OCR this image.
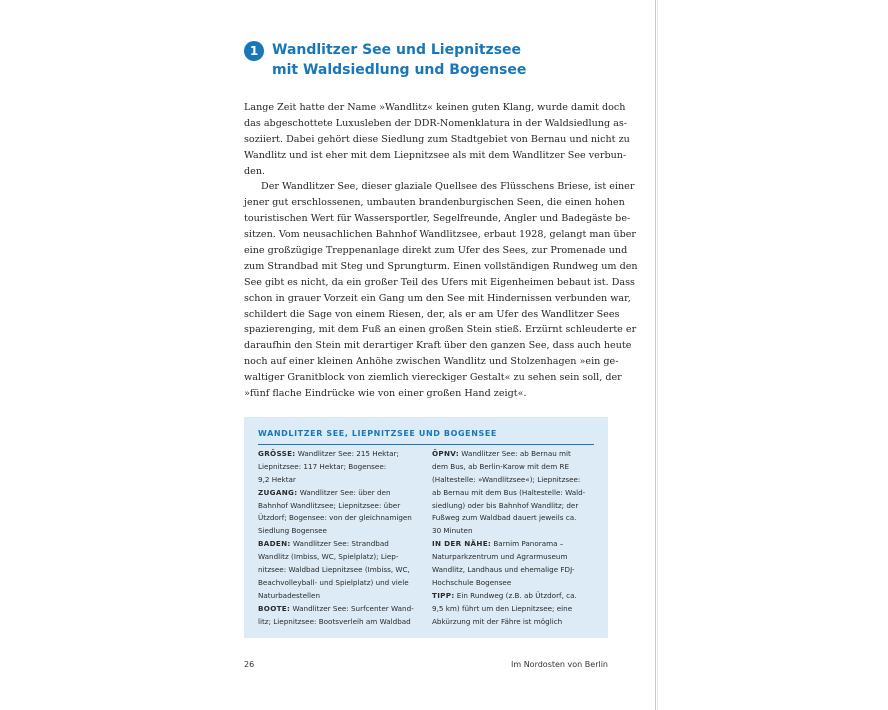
1 Wandlitzer See und Liepnitzsee
mit Waldsiedlung und Bogensee
Lange Zeit hatte der Name »Wandlitz« keinen guten Klang, wurde damit doch
das abgeschottete Luxusleben der DDR-Nomenklatura in der Waldsiedlung as-
soziiert. Dabei gehört diese Siedlung zum Stadtgebiet von Bernau und nicht zu
Wandlitz und ist eher mit dem Liepnitzsee als mit dem Wandlitzer See verbun-
den.
Der Wandlitzer See, dieser glaziale Quellsee des Flüsschens Briese, ist einer
jener gut erschlossenen, umbauten brandenburgischen Seen, die einen hohen
touristischen Wert für Wassersportler, Segelfreunde, Angler und Badegäste be-
sitzen. Vom neusachlichen Bahnhof Wandlitzsee, erbaut 1928, gelangt man über
eine großzügige Treppenanlage direkt zum Ufer des Sees, zur Promenade und
zum Strandbad mit Steg und Sprungturm. Einen vollständigen Rundweg um den
See gibt es nicht, da ein großer Teil des Ufers mit Eigenheimen bebaut ist. Dass
schon in grauer Vorzeit ein Gang um den See mit Hindernissen verbunden war,
schildert die Sage von einem Riesen, der, als er am Ufer des Wandlitzer Sees
spazierenging, mit dem Fuß an einen großen Stein stieß. Erzürnt schleuderte er
daraufhin den Stein mit derartiger Kraft über den ganzen See, dass auch heute
noch auf einer kleinen Anhöhe zwischen Wandlitz und Stolzenhagen »ein ge-
waltiger Granitblock von ziemlich viereckiger Gestalt« zu sehen sein soll, der
»fünf flache Eindrücke wie von einer großen Hand zeigt«.
WANDLITZER SEE, LIEPNITZSEE UND BOGENSEE
GRÖSSE: Wandlitzer See: 215 Hektar;
Liepnitzsee: 117 Hektar; Bogensee:
9,2 Hektar
ZUGANG: Wandlitzer See: über den
Bahnhof Wandlitzsee; Liepnitzsee: über
Ützdorf; Bogensee: von der gleichnamigen
Siedlung Bogensee
BADEN: Wandlitzer See: Strandbad
Wandlitz (Imbiss, WC, Spielplatz); Liep-
nitzsee: Waldbad Liepnitzsee (Imbiss, WC,
Beachvolleyball- und Spielplatz) und viele
Naturbadestellen
BOOTE: Wandlitzer See: Surfcenter Wand-
litz; Liepnitzsee: Bootsverleih am Waldbad
ÖPNV: Wandlitzer See: ab Bernau mit
dem Bus, ab Berlin-Karow mit dem RE
(Haltestelle: »Wandlitzsee«); Liepnitzsee:
ab Bernau mit dem Bus (Haltestelle: Wald-
siedlung) oder bis Bahnhof Wandlitz; der
Fußweg zum Waldbad dauert jeweils ca.
30 Minuten
IN DER NÄHE: Barnim Panorama –
Naturparkzentrum und Agrarmuseum
Wandlitz, Landhaus und ehemalige FDJ-
Hochschule Bogensee
TIPP: Ein Rundweg (z.B. ab Ützdorf, ca.
9,5 km) führt um den Liepnitzsee; eine
Abkürzung mit der Fähre ist möglich
26	Im Nordosten von Berlin
